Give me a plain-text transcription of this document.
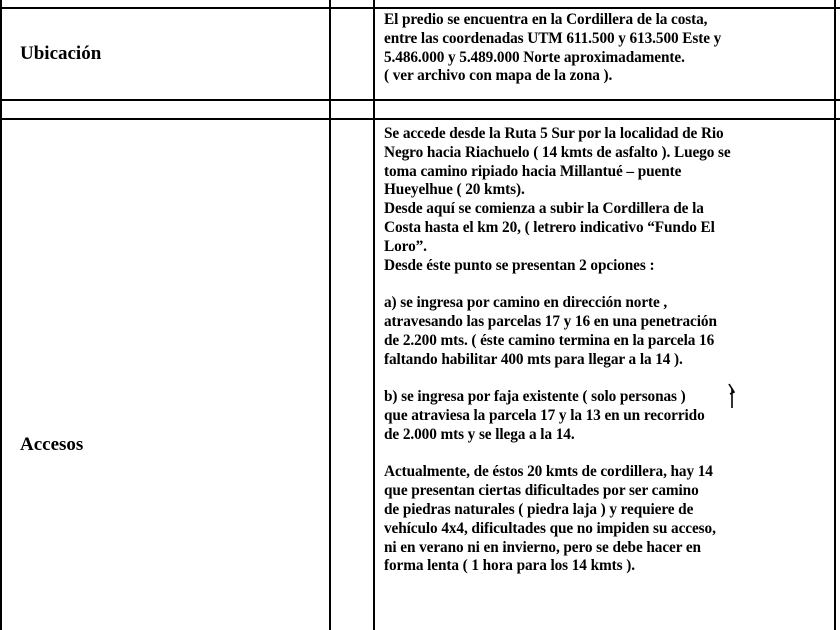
Ubicación
El predio se encuentra en la Cordillera de la costa,
entre las coordenadas UTM 611.500 y 613.500 Este y
5.486.000 y 5.489.000 Norte aproximadamente.
( ver archivo con mapa de la zona ).
Accesos
Se accede desde la Ruta 5 Sur por la localidad de Rio
Negro hacia Riachuelo ( 14 kmts de asfalto ). Luego se
toma camino ripiado hacia Millantué – puente
Hueyelhue ( 20 kmts).
Desde aquí se comienza a subir la Cordillera de la
Costa hasta el km 20, ( letrero indicativo “Fundo El
Loro”.
Desde éste punto se presentan 2 opciones :
a) se ingresa por camino en dirección norte ,
atravesando las parcelas 17 y 16 en una penetración
de 2.200 mts. ( éste camino termina en la parcela 16
faltando habilitar 400 mts para llegar a la 14 ).
b) se ingresa por faja existente ( solo personas )
que atraviesa la parcela 17 y la 13 en un recorrido
de 2.000 mts y se llega a la 14.
Actualmente, de éstos 20 kmts de cordillera, hay 14
que presentan ciertas dificultades por ser camino
de piedras naturales ( piedra laja ) y requiere de
vehículo 4x4, dificultades que no impiden su acceso,
ni en verano ni en invierno, pero se debe hacer en
forma lenta ( 1 hora para los 14 kmts ).
